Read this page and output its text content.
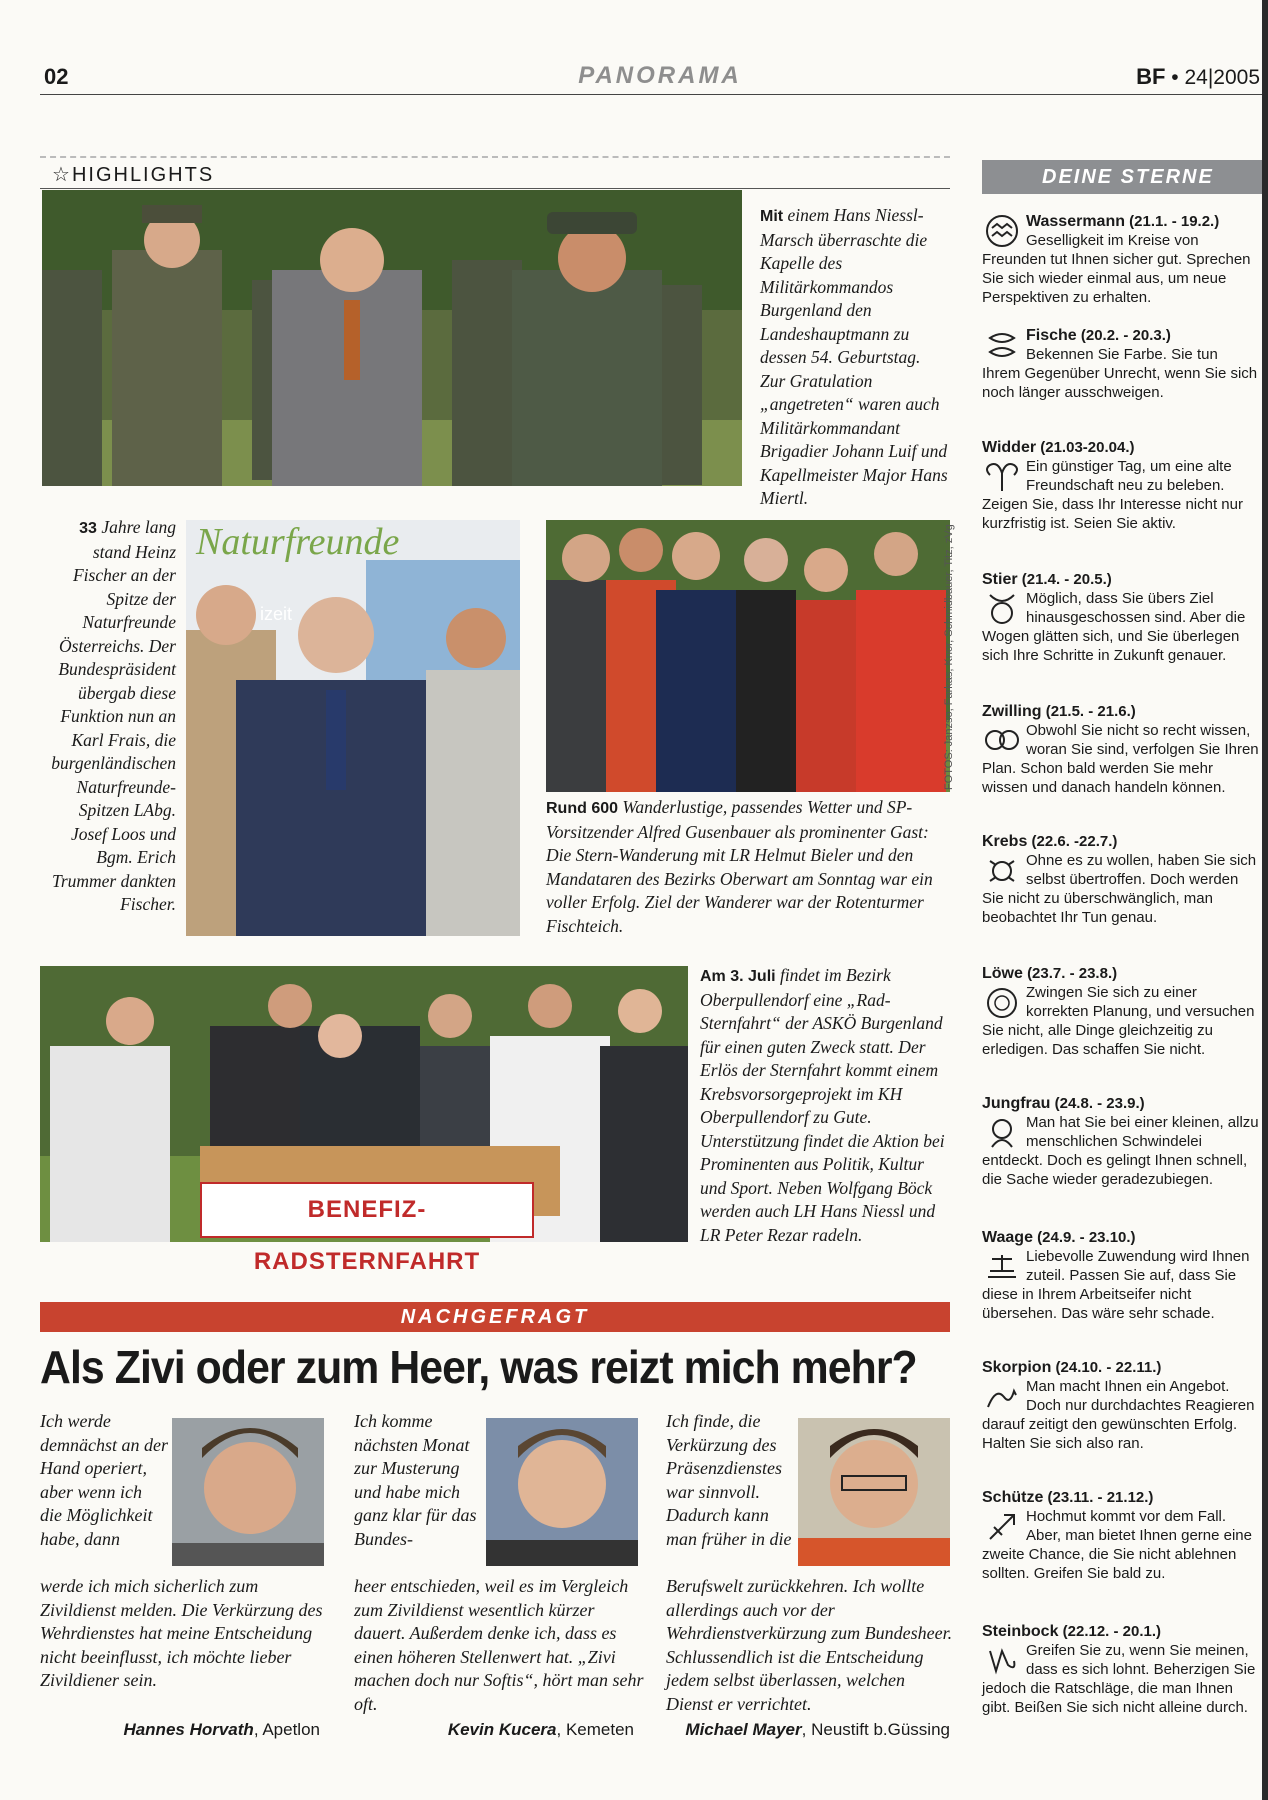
02	PANORAMA	BF • 24|2005
☆HIGHLIGHTS
Mit einem Hans Niessl-Marsch überraschte die Kapelle des Militärkommandos Burgenland den Landeshauptmann zu dessen 54. Geburtstag. Zur Gratulation „angetreten“ waren auch Militärkommandant Brigadier Johann Luif und Kapellmeister Major Hans Miertl.
33 Jahre lang stand Heinz Fischer an der Spitze der Naturfreunde Österreichs. Der Bundespräsident übergab diese Funktion nun an Karl Frais, die burgenländischen Naturfreunde-Spitzen LAbg. Josef Loos und Bgm. Erich Trummer dankten Fischer.
Naturfreunde
izeit	FOTOS: Janzso, Farkas, Knor, Schmidbauer, Titz, zVg
Rund 600 Wanderlustige, passendes Wetter und SP-Vorsitzender Alfred Gusenbauer als prominenter Gast: Die Stern-Wanderung mit LR Helmut Bieler und den Mandataren des Bezirks Oberwart am Sonntag war ein voller Erfolg. Ziel der Wanderer war der Rotenturmer Fischteich.
BENEFIZ-RADSTERNFAHRT
Am 3. Juli findet im Bezirk Oberpullendorf eine „Rad-Sternfahrt“ der ASKÖ Burgenland für einen guten Zweck statt. Der Erlös der Sternfahrt kommt einem Krebsvorsorgeprojekt im KH Oberpullendorf zu Gute. Unterstützung findet die Aktion bei Prominenten aus Politik, Kultur und Sport. Neben Wolfgang Böck werden auch LH Hans Niessl und LR Peter Rezar radeln.
NACHGEFRAGT
Als Zivi oder zum Heer, was reizt mich mehr?
Ich werde demnächst an der Hand operiert, aber wenn ich die Möglichkeit habe, dann
werde ich mich sicherlich zum Zivildienst melden. Die Verkürzung des Wehrdienstes hat meine Entscheidung nicht beeinflusst, ich möchte lieber Zivildiener sein.
Hannes Horvath, Apetlon
Ich komme nächsten Monat zur Musterung und habe mich ganz klar für das Bundes-
heer entschieden, weil es im Vergleich zum Zivildienst wesentlich kürzer dauert. Außerdem denke ich, dass es einen höheren Stellenwert hat. „Zivi machen doch nur Softis“, hört man sehr oft.
Kevin Kucera, Kemeten
Ich finde, die Verkürzung des Präsenzdienstes war sinnvoll. Dadurch kann man früher in die
Berufswelt zurückkehren. Ich wollte allerdings auch vor der Wehrdienstverkürzung zum Bundesheer. Schlussendlich ist die Entscheidung jedem selbst überlassen, welchen Dienst er verrichtet.
Michael Mayer, Neustift b.Güssing
DEINE STERNE
Wassermann (21.1. - 19.2.)
Geselligkeit im Kreise von Freunden tut Ihnen sicher gut. Sprechen Sie sich wieder einmal aus, um neue Perspektiven zu erhalten.
Fische (20.2. - 20.3.)
Bekennen Sie Farbe. Sie tun Ihrem Gegenüber Unrecht, wenn Sie sich noch länger ausschweigen.
Widder (21.03-20.04.)

Ein günstiger Tag, um eine alte Freundschaft neu zu beleben. Zeigen Sie, dass Ihr Interesse nicht nur kurzfristig ist. Seien Sie aktiv.
Stier (21.4. - 20.5.)

Möglich, dass Sie übers Ziel hinausgeschossen sind. Aber die Wogen glätten sich, und Sie überlegen sich Ihre Schritte in Zukunft genauer.
Zwilling (21.5. - 21.6.)

Obwohl Sie nicht so recht wissen, woran Sie sind, verfolgen Sie Ihren Plan. Schon bald werden Sie mehr wissen und danach handeln können.
Krebs (22.6. -22.7.)

Ohne es zu wollen, haben Sie sich selbst übertroffen. Doch werden Sie nicht zu überschwänglich, man beobachtet Ihr Tun genau.
Löwe (23.7. - 23.8.)

Zwingen Sie sich zu einer korrekten Planung, und versuchen Sie nicht, alle Dinge gleichzeitig zu erledigen. Das schaffen Sie nicht.
Jungfrau (24.8. - 23.9.)

Man hat Sie bei einer kleinen, allzu menschlichen Schwindelei entdeckt. Doch es gelingt Ihnen schnell, die Sache wieder geradezubiegen.
Waage (24.9. - 23.10.)

Liebevolle Zuwendung wird Ihnen zuteil. Passen Sie auf, dass Sie diese in Ihrem Arbeitseifer nicht übersehen. Das wäre sehr schade.
Skorpion (24.10. - 22.11.)

Man macht Ihnen ein Angebot. Doch nur durchdachtes Reagieren darauf zeitigt den gewünschten Erfolg. Halten Sie sich also ran.
Schütze (23.11. - 21.12.)

Hochmut kommt vor dem Fall. Aber, man bietet Ihnen gerne eine zweite Chance, die Sie nicht ablehnen sollten. Greifen Sie bald zu.
Steinbock (22.12. - 20.1.)

Greifen Sie zu, wenn Sie meinen, dass es sich lohnt. Beherzigen Sie jedoch die Ratschläge, die man Ihnen gibt. Beißen Sie sich nicht alleine durch.
